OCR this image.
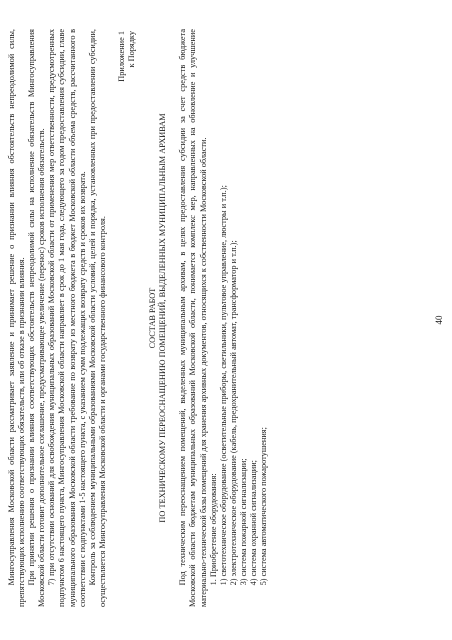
40

Мингосуправления Московской области рассматривает заявление и принимает решение о признании влияния обстоятельств непреодолимой силы, препятствующих исполнению соответствующих обязательств, или об отказе в признании влияния. При принятии решения о признании влияния соответствующих обстоятельств непреодолимой силы на исполнение обязательств Мингосуправления Московской области готовит дополнительное соглашение, предусматривающее увеличение (перенос) сроков исполнения обязательств. 7) при отсутствии оснований для освобождения муниципальных образований Московской области от применения мер ответственности, предусмотренных подпунктом 6 настоящего пункта, Мингосуправления Московской области направляет в срок до 1 мая года, следующего за годом предоставления субсидии, главе муниципального образования Московской области требование по возврату из местного бюджета в бюджет Московской области объема средств, рассчитанного в соответствии с подпунктами 1-5 настоящего пункта, с указанием сумм подлежащих возврату средств и сроков их возврата. Контроль за соблюдением муниципальными образованиями Московской области условий, целей и порядка, установленных при предоставлении субсидии, осуществляется Мингосуправления Московской области и органами государственного финансового контроля.

Приложение 1 к Порядку

СОСТАВ РАБОТ ПО ТЕХНИЧЕСКОМУ ПЕРЕОСНАЩЕНИЮ ПОМЕЩЕНИЙ, ВЫДЕЛЕННЫХ МУНИЦИПАЛЬНЫМ АРХИВАМ Под техническим переоснащением помещений, выделенных муниципальным архивам, в целях предоставления субсидии за счет средств бюджета Московской области бюджетам муниципальных образований Московской области, понимается комплекс мер, направленных на обновление и улучшение материально-технической базы помещений для хранения архивных документов, относящихся к собственности Московской области. 1. Приобретение оборудования: 1) светотехническое оборудование (осветительные приборы, светильники, пультовое управление, люстры и т.п.); 2) электротехническое оборудование (кабель, предохранительный автомат, трансформатор и т.п.); 3) система пожарной сигнализации; 4) система охранной сигнализации; 5) система автоматического пожаротушения;
